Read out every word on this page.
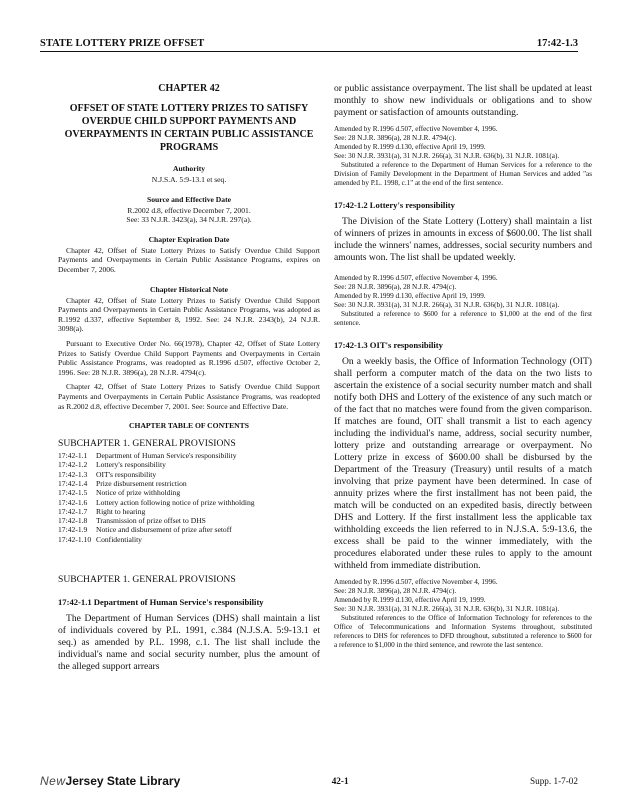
STATE LOTTERY PRIZE OFFSET	17:42-1.3
CHAPTER 42
OFFSET OF STATE LOTTERY PRIZES TO SATISFY OVERDUE CHILD SUPPORT PAYMENTS AND OVERPAYMENTS IN CERTAIN PUBLIC ASSISTANCE PROGRAMS
Authority
N.J.S.A. 5:9-13.1 et seq.
Source and Effective Date
R.2002 d.8, effective December 7, 2001.
See: 33 N.J.R. 3423(a), 34 N.J.R. 297(a).
Chapter Expiration Date
Chapter 42, Offset of State Lottery Prizes to Satisfy Overdue Child Support Payments and Overpayments in Certain Public Assistance Programs, expires on December 7, 2006.
Chapter Historical Note
Chapter 42, Offset of State Lottery Prizes to Satisfy Overdue Child Support Payments and Overpayments in Certain Public Assistance Programs, was adopted as R.1992 d.337, effective September 8, 1992. See: 24 N.J.R. 2343(b), 24 N.J.R. 3098(a).
Pursuant to Executive Order No. 66(1978), Chapter 42, Offset of State Lottery Prizes to Satisfy Overdue Child Support Payments and Overpayments in Certain Public Assistance Programs, was readopted as R.1996 d.507, effective October 2, 1996. See: 28 N.J.R. 3896(a), 28 N.J.R. 4794(c).
Chapter 42, Offset of State Lottery Prizes to Satisfy Overdue Child Support Payments and Overpayments in Certain Public Assistance Programs, was readopted as R.2002 d.8, effective December 7, 2001. See: Source and Effective Date.
CHAPTER TABLE OF CONTENTS
SUBCHAPTER 1. GENERAL PROVISIONS
17:42-1.1	Department of Human Service's responsibility
17:42-1.2	Lottery's responsibility
17:42-1.3	OIT's responsibility
17:42-1.4	Prize disbursement restriction
17:42-1.5	Notice of prize withholding
17:42-1.6	Lottery action following notice of prize withholding
17:42-1.7	Right to hearing
17:42-1.8	Transmission of prize offset to DHS
17:42-1.9	Notice and disbursement of prize after setoff
17:42-1.10 Confidentiality
SUBCHAPTER 1. GENERAL PROVISIONS
17:42-1.1 Department of Human Service's responsibility
The Department of Human Services (DHS) shall maintain a list of individuals covered by P.L. 1991, c.384 (N.J.S.A. 5:9-13.1 et seq.) as amended by P.L. 1998, c.1. The list shall include the individual's name and social security number, plus the amount of the alleged support arrears
or public assistance overpayment. The list shall be updated at least monthly to show new individuals or obligations and to show payment or satisfaction of amounts outstanding.
Amended by R.1996 d.507, effective November 4, 1996.
See: 28 N.J.R. 3896(a), 28 N.J.R. 4794(c).
Amended by R.1999 d.130, effective April 19, 1999.
See: 30 N.J.R. 3931(a), 31 N.J.R. 266(a), 31 N.J.R. 636(b), 31 N.J.R. 1081(a).
Substituted a reference to the Department of Human Services for a reference to the Division of Family Development in the Department of Human Services and added "as amended by P.L. 1998, c.1" at the end of the first sentence.
17:42-1.2 Lottery's responsibility
The Division of the State Lottery (Lottery) shall maintain a list of winners of prizes in amounts in excess of $600.00. The list shall include the winners' names, addresses, social security numbers and amounts won. The list shall be updated weekly.
Amended by R.1996 d.507, effective November 4, 1996.
See: 28 N.J.R. 3896(a), 28 N.J.R. 4794(c).
Amended by R.1999 d.130, effective April 19, 1999.
See: 30 N.J.R. 3931(a), 31 N.J.R. 266(a), 31 N.J.R. 636(b), 31 N.J.R. 1081(a).
Substituted a reference to $600 for a reference to $1,000 at the end of the first sentence.
17:42-1.3 OIT's responsibility
On a weekly basis, the Office of Information Technology (OIT) shall perform a computer match of the data on the two lists to ascertain the existence of a social security number match and shall notify both DHS and Lottery of the existence of any such match or of the fact that no matches were found from the given comparison. If matches are found, OIT shall transmit a list to each agency including the individual's name, address, social security number, lottery prize and outstanding arrearage or overpayment. No Lottery prize in excess of $600.00 shall be disbursed by the Department of the Treasury (Treasury) until results of a match involving that prize payment have been determined. In case of annuity prizes where the first installment has not been paid, the match will be conducted on an expedited basis, directly between DHS and Lottery. If the first installment less the applicable tax withholding exceeds the lien referred to in N.J.S.A. 5:9-13.6, the excess shall be paid to the winner immediately, with the procedures elaborated under these rules to apply to the amount withheld from immediate distribution.
Amended by R.1996 d.507, effective November 4, 1996.
See: 28 N.J.R. 3896(a), 28 N.J.R. 4794(c).
Amended by R.1999 d.130, effective April 19, 1999.
See: 30 N.J.R. 3931(a), 31 N.J.R. 266(a), 31 N.J.R. 636(b), 31 N.J.R. 1081(a).
Substituted references to the Office of Information Technology for references to the Office of Telecommunications and Information Systems throughout, substituted references to DHS for references to DFD throughout, substituted a reference to $600 for a reference to $1,000 in the third sentence, and rewrote the last sentence.
New Jersey State Library	42-1	Supp. 1-7-02
